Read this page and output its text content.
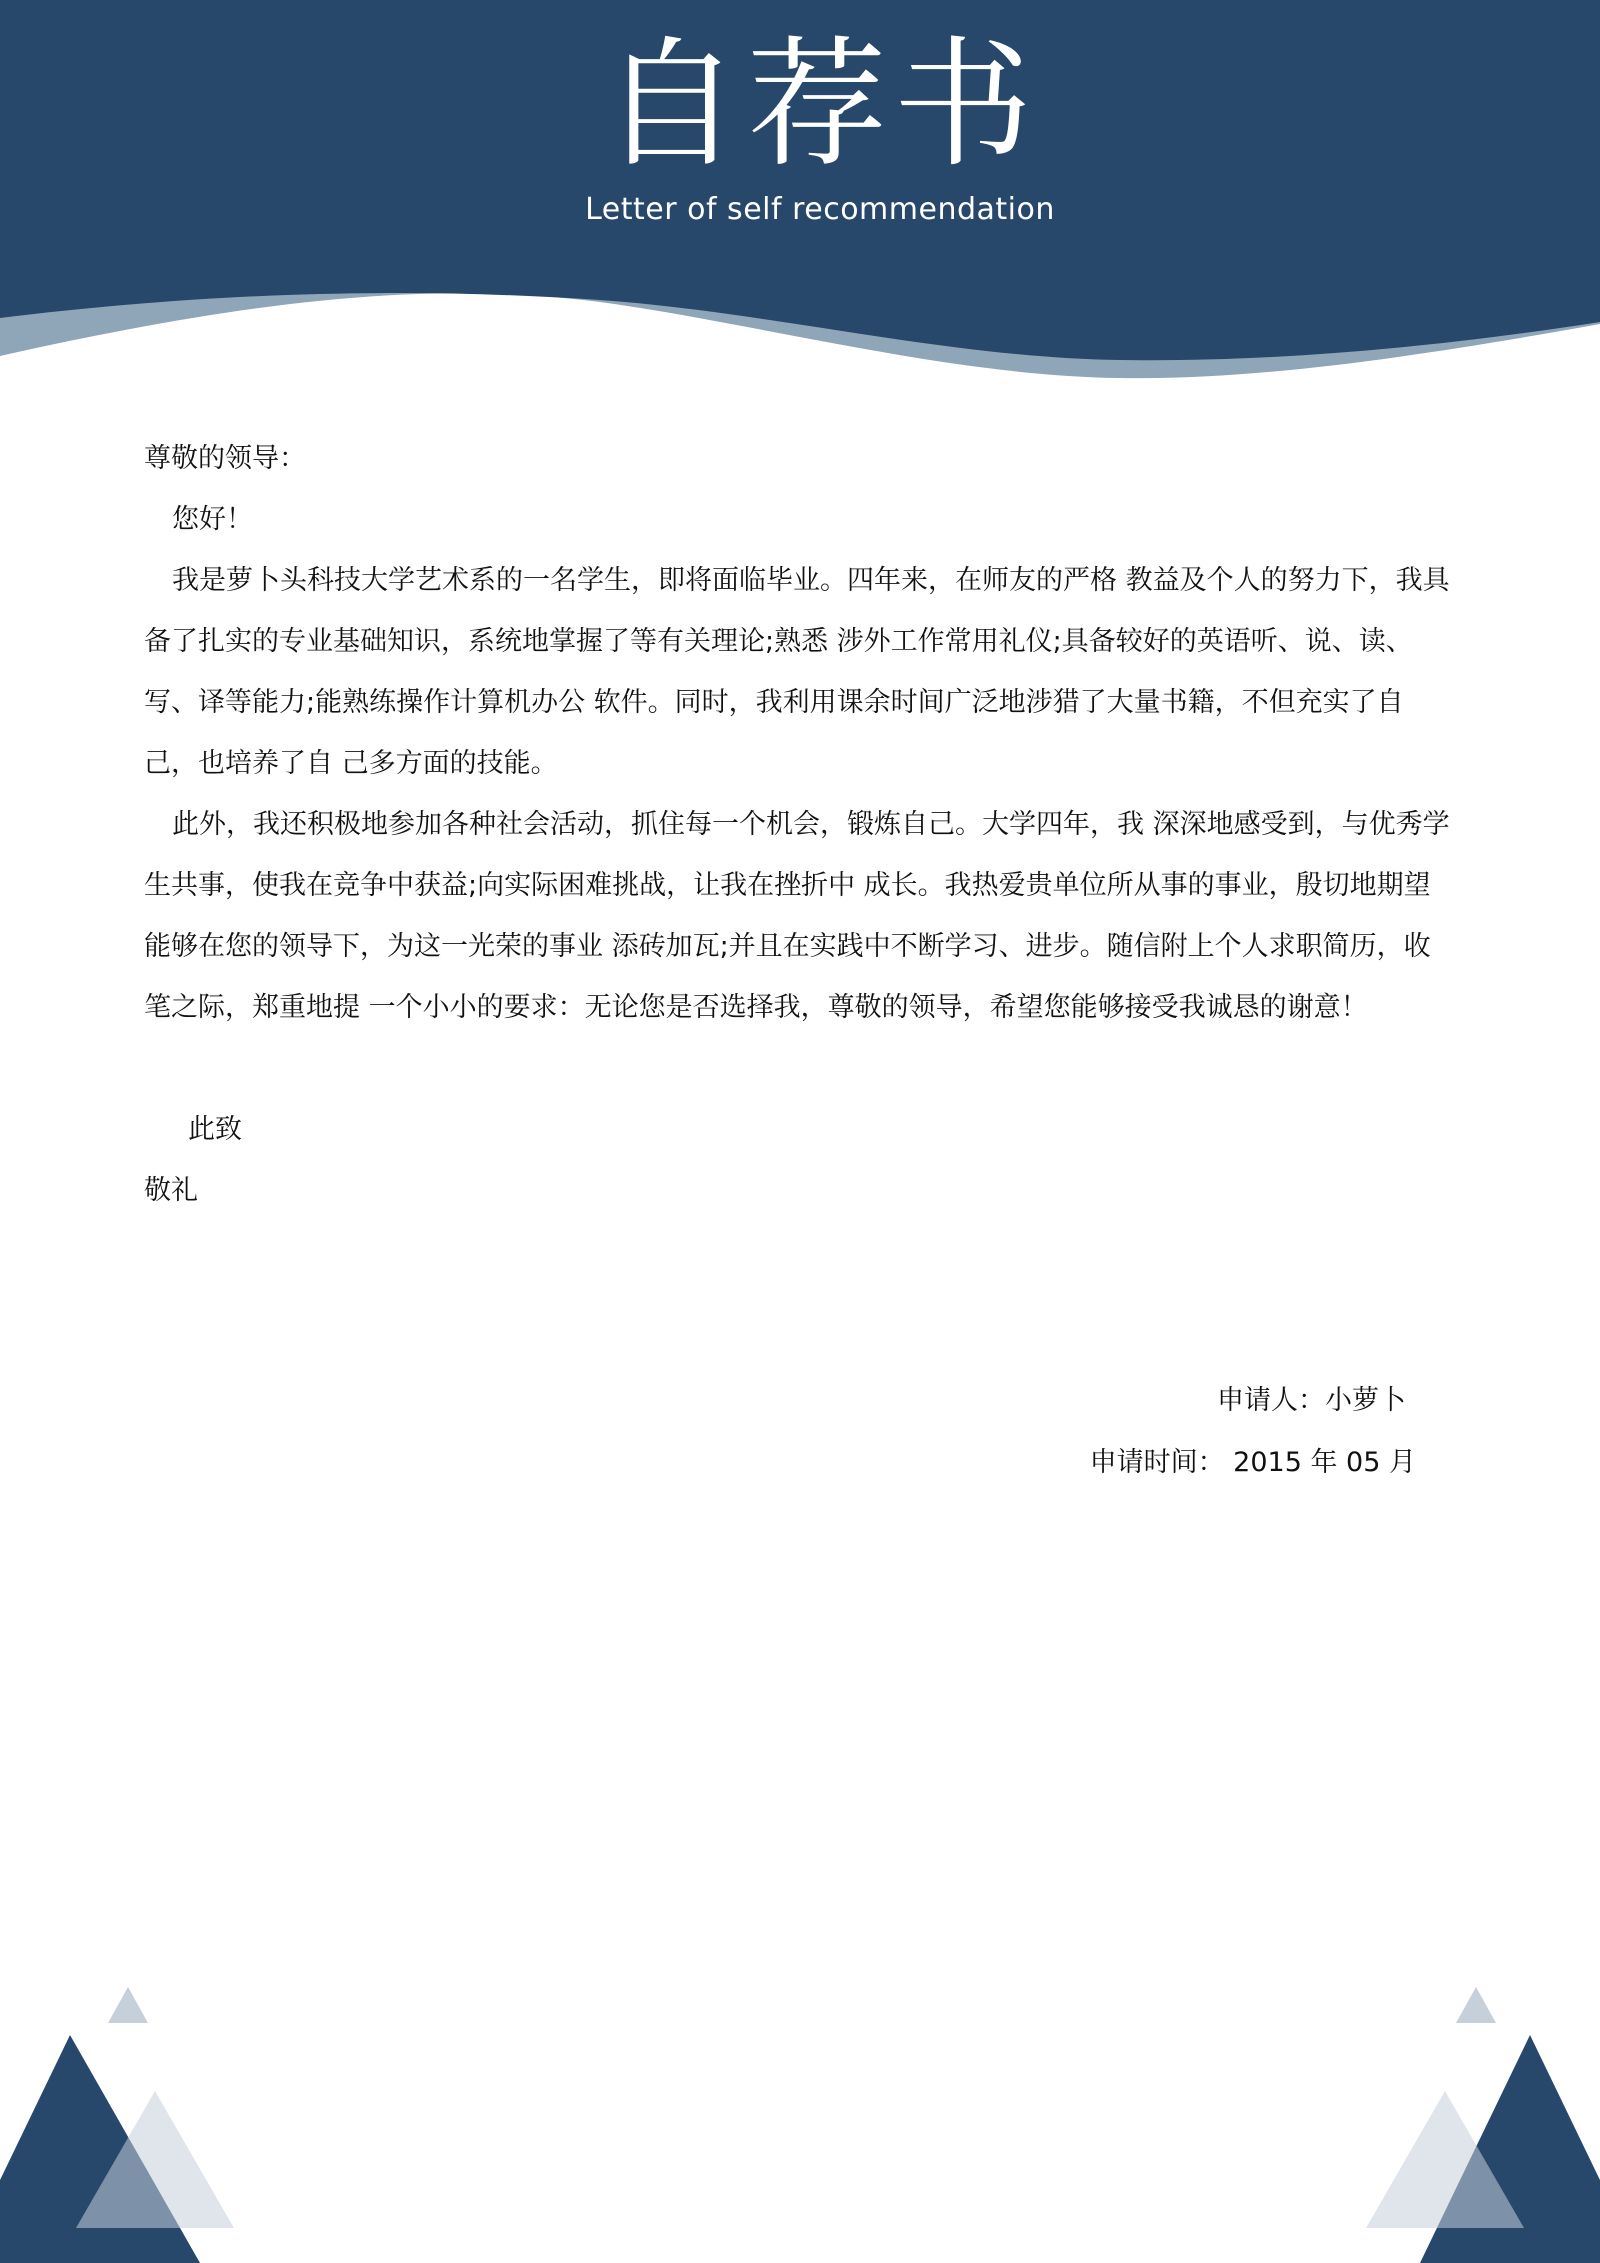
自荐书
Letter of self recommendation

尊敬的领导：

您好！

我是萝卜头科技大学艺术系的一名学生，即将面临毕业。四年来，在师友的严格 教益及个人的努力下，我具备了扎实的专业基础知识，系统地掌握了等有关理论;熟悉 涉外工作常用礼仪;具备较好的英语听、说、读、写、译等能力;能熟练操作计算机办公 软件。同时，我利用课余时间广泛地涉猎了大量书籍，不但充实了自己，也培养了自 己多方面的技能。

此外，我还积极地参加各种社会活动，抓住每一个机会，锻炼自己。大学四年，我 深深地感受到，与优秀学生共事，使我在竞争中获益;向实际困难挑战，让我在挫折中 成长。我热爱贵单位所从事的事业，殷切地期望能够在您的领导下，为这一光荣的事业 添砖加瓦;并且在实践中不断学习、进步。随信附上个人求职简历，收笔之际，郑重地提 一个小小的要求：无论您是否选择我，尊敬的领导，希望您能够接受我诚恳的谢意！

此致

敬礼

申请人：小萝卜
申请时间： 2015 年 05 月
